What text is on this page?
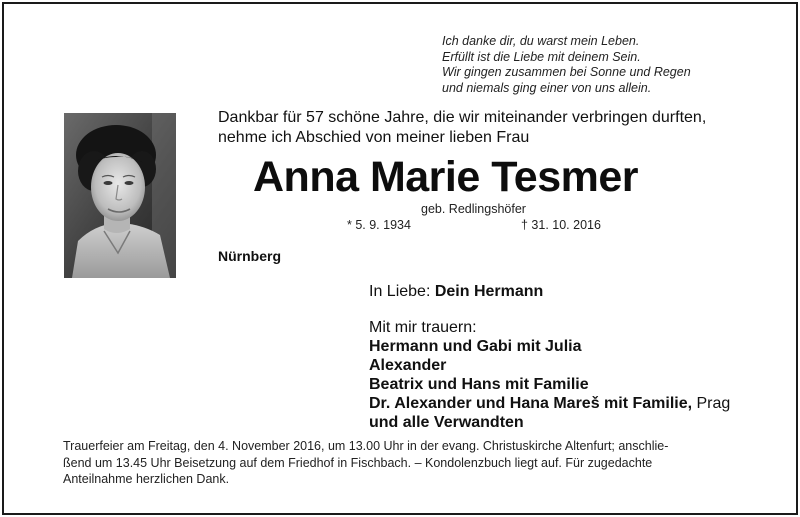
Ich danke dir, du warst mein Leben.
Erfüllt ist die Liebe mit deinem Sein.
Wir gingen zusammen bei Sonne und Regen
und niemals ging einer von uns allein.
Dankbar für 57 schöne Jahre, die wir miteinander verbringen durften,
nehme ich Abschied von meiner lieben Frau
Anna Marie Tesmer
geb. Redlingshöfer
* 5. 9. 1934	† 31. 10. 2016
Nürnberg
In Liebe: Dein Hermann
Mit mir trauern:
Hermann und Gabi mit Julia
Alexander
Beatrix und Hans mit Familie
Dr. Alexander und Hana Mareš mit Familie, Prag
und alle Verwandten
Trauerfeier am Freitag, den 4. November 2016, um 13.00 Uhr in der evang. Christuskirche Altenfurt; anschlie-
ßend um 13.45 Uhr Beisetzung auf dem Friedhof in Fischbach. – Kondolenzbuch liegt auf. Für zugedachte
Anteilnahme herzlichen Dank.
